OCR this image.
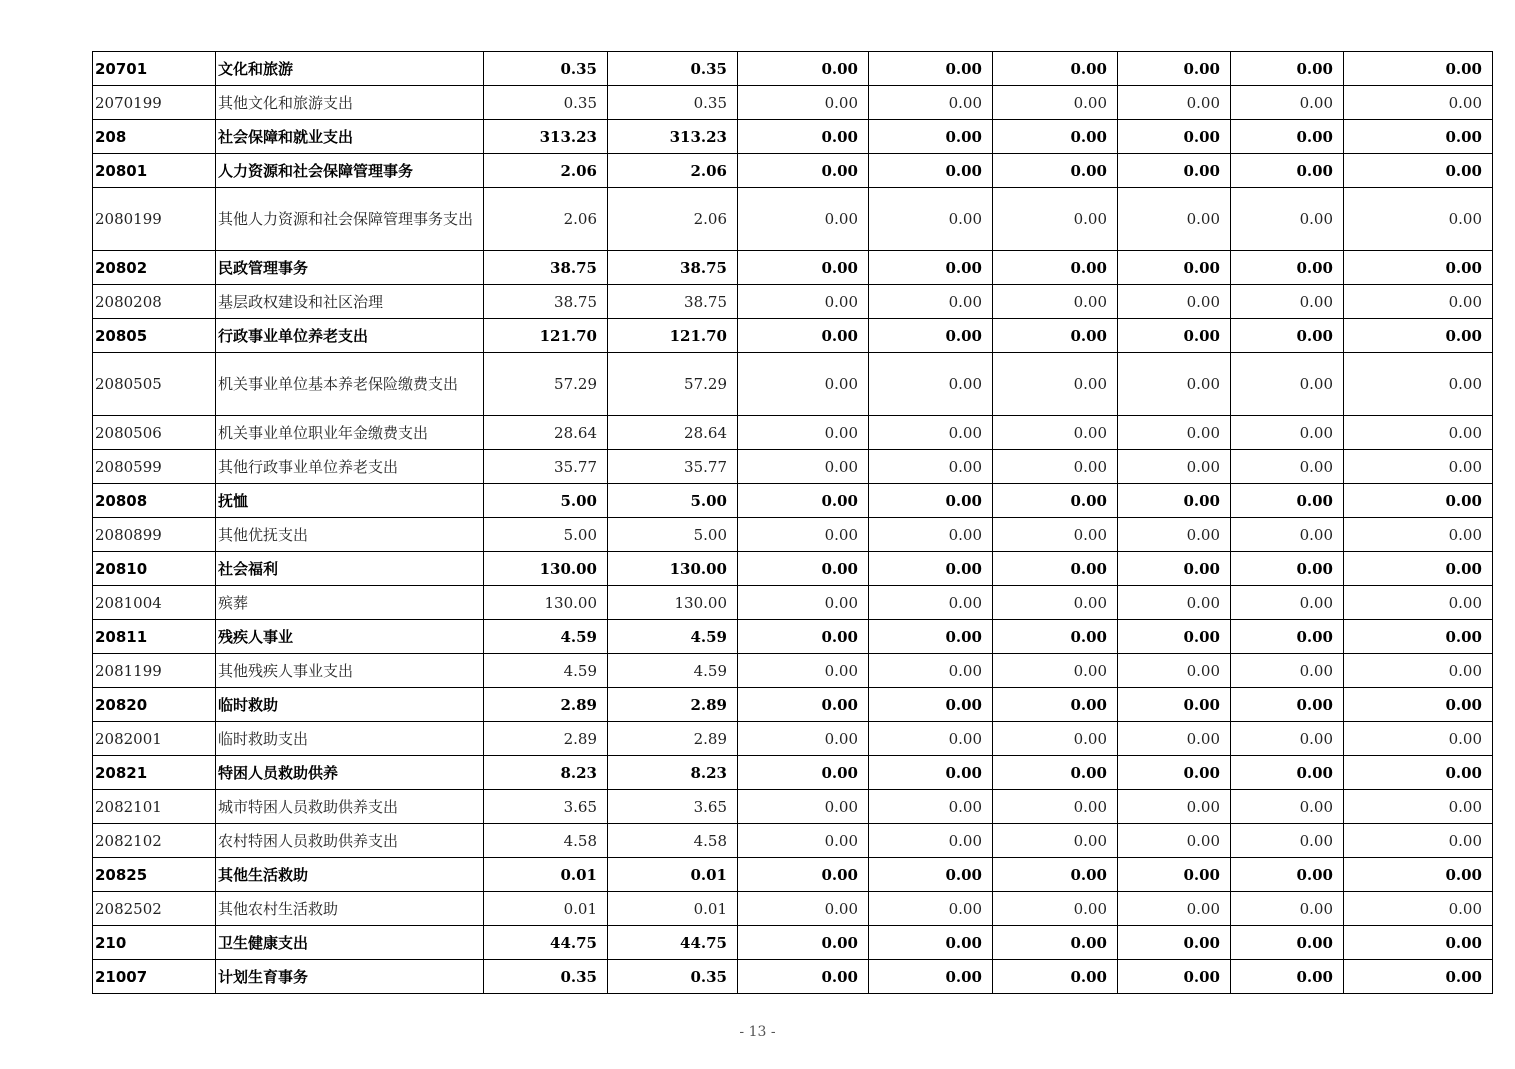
20701	文化和旅游	0.35	0.35	0.00	0.00	0.00	0.00	0.00	0.00
2070199	其他文化和旅游支出	0.35	0.35	0.00	0.00	0.00	0.00	0.00	0.00
208	社会保障和就业支出	313.23	313.23	0.00	0.00	0.00	0.00	0.00	0.00
20801	人力资源和社会保障管理事务	2.06	2.06	0.00	0.00	0.00	0.00	0.00	0.00
2080199	其他人力资源和社会保障管理事务支出	2.06	2.06	0.00	0.00	0.00	0.00	0.00	0.00
20802	民政管理事务	38.75	38.75	0.00	0.00	0.00	0.00	0.00	0.00
2080208	基层政权建设和社区治理	38.75	38.75	0.00	0.00	0.00	0.00	0.00	0.00
20805	行政事业单位养老支出	121.70	121.70	0.00	0.00	0.00	0.00	0.00	0.00
2080505	机关事业单位基本养老保险缴费支出	57.29	57.29	0.00	0.00	0.00	0.00	0.00	0.00
2080506	机关事业单位职业年金缴费支出	28.64	28.64	0.00	0.00	0.00	0.00	0.00	0.00
2080599	其他行政事业单位养老支出	35.77	35.77	0.00	0.00	0.00	0.00	0.00	0.00
20808	抚恤	5.00	5.00	0.00	0.00	0.00	0.00	0.00	0.00
2080899	其他优抚支出	5.00	5.00	0.00	0.00	0.00	0.00	0.00	0.00
20810	社会福利	130.00	130.00	0.00	0.00	0.00	0.00	0.00	0.00
2081004	殡葬	130.00	130.00	0.00	0.00	0.00	0.00	0.00	0.00
20811	残疾人事业	4.59	4.59	0.00	0.00	0.00	0.00	0.00	0.00
2081199	其他残疾人事业支出	4.59	4.59	0.00	0.00	0.00	0.00	0.00	0.00
20820	临时救助	2.89	2.89	0.00	0.00	0.00	0.00	0.00	0.00
2082001	临时救助支出	2.89	2.89	0.00	0.00	0.00	0.00	0.00	0.00
20821	特困人员救助供养	8.23	8.23	0.00	0.00	0.00	0.00	0.00	0.00
2082101	城市特困人员救助供养支出	3.65	3.65	0.00	0.00	0.00	0.00	0.00	0.00
2082102	农村特困人员救助供养支出	4.58	4.58	0.00	0.00	0.00	0.00	0.00	0.00
20825	其他生活救助	0.01	0.01	0.00	0.00	0.00	0.00	0.00	0.00
2082502	其他农村生活救助	0.01	0.01	0.00	0.00	0.00	0.00	0.00	0.00
210	卫生健康支出	44.75	44.75	0.00	0.00	0.00	0.00	0.00	0.00
21007	计划生育事务	0.35	0.35	0.00	0.00	0.00	0.00	0.00	0.00
- 13 -
